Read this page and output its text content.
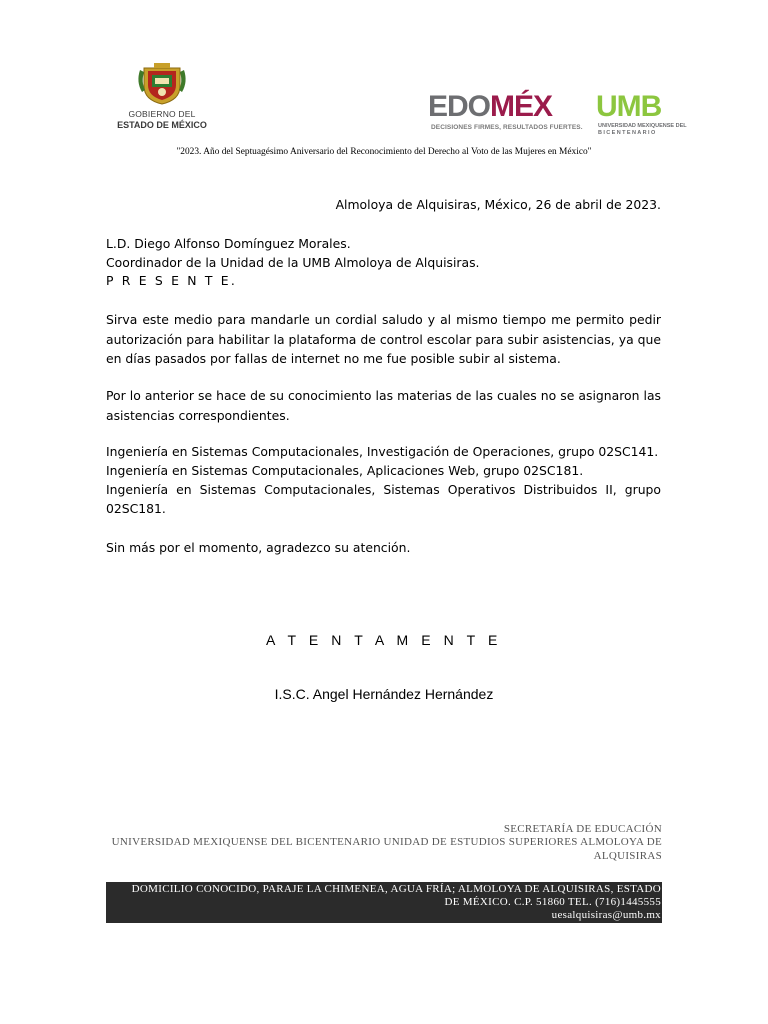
GOBIERNO DEL
ESTADO DE MÉXICO
EDOMÉX
DECISIONES FIRMES, RESULTADOS FUERTES.
UMB
UNIVERSIDAD MEXIQUENSE DEL
BICENTENARIO
"2023. Año del Septuagésimo Aniversario del Reconocimiento del Derecho al Voto de las Mujeres en México"
Almoloya de Alquisiras, México, 26 de abril de 2023.
L.D. Diego Alfonso Domínguez Morales.
Coordinador de la Unidad de la UMB Almoloya de Alquisiras.
P R E S E N T E.
Sirva este medio para mandarle un cordial saludo y al mismo tiempo me permito pedir autorización para habilitar la plataforma de control escolar para subir asistencias, ya que en días pasados por fallas de internet no me fue posible subir al sistema.
Por lo anterior se hace de su conocimiento las materias de las cuales no se asignaron las asistencias correspondientes.
Ingeniería en Sistemas Computacionales, Investigación de Operaciones, grupo 02SC141.
Ingeniería en Sistemas Computacionales, Aplicaciones Web, grupo 02SC181.
Ingeniería en Sistemas Computacionales, Sistemas Operativos Distribuidos II, grupo 02SC181.
Sin más por el momento, agradezco su atención.
A T E N T A M E N T E
I.S.C. Angel Hernández Hernández
SECRETARÍA DE EDUCACIÓN
UNIVERSIDAD MEXIQUENSE DEL BICENTENARIO UNIDAD DE ESTUDIOS SUPERIORES ALMOLOYA DE ALQUISIRAS
DOMICILIO CONOCIDO, PARAJE LA CHIMENEA, AGUA FRÍA; ALMOLOYA DE ALQUISIRAS, ESTADO DE MÉXICO. C.P. 51860 TEL. (716)1445555
uesalquisiras@umb.mx
